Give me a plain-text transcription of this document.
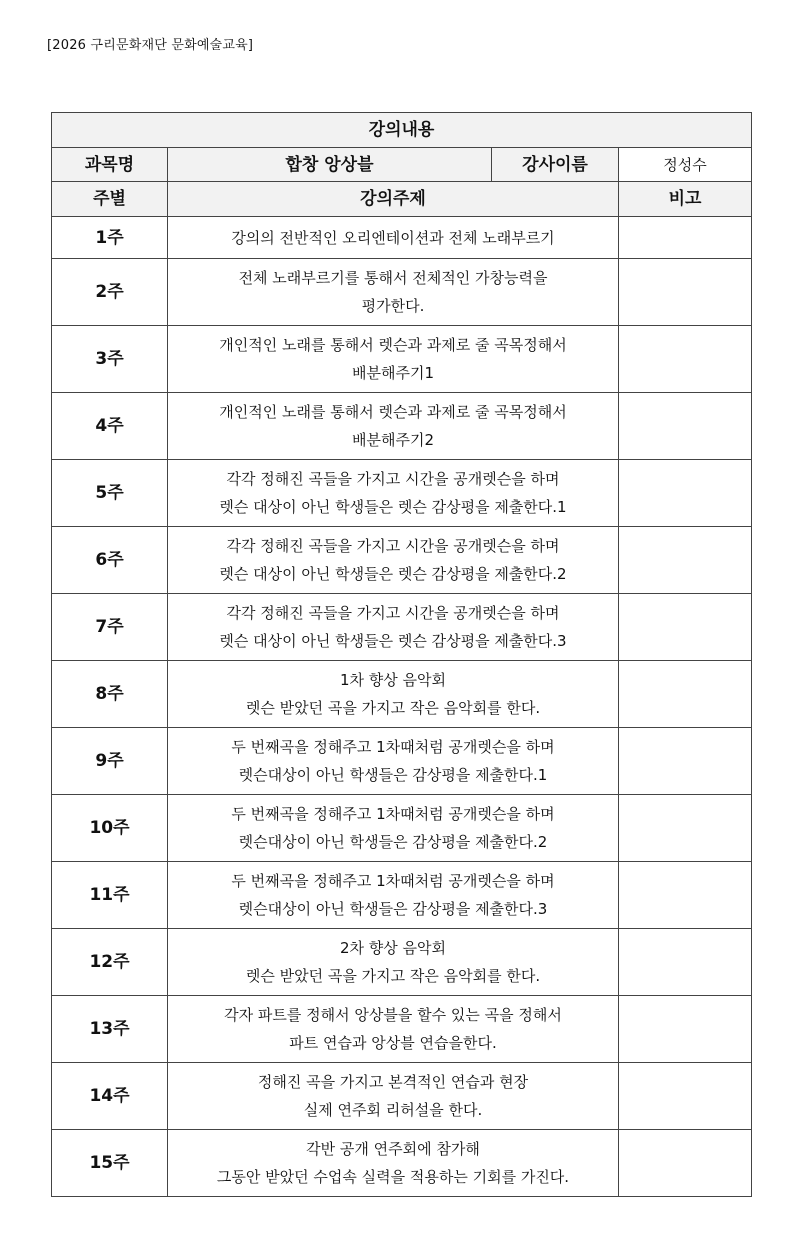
[2026 구리문화재단 문화예술교육]
강의내용			
과목명	합창 앙상블	강사이름	정성수
주별	강의주제		비고
1주	강의의 전반적인 오리엔테이션과 전체 노래부르기		

2주	전체 노래부르기를 통해서 전체적인 가창능력을
평가한다.		

3주	개인적인 노래를 통해서 렛슨과 과제로 줄 곡목정해서
배분해주기1		

4주	개인적인 노래를 통해서 렛슨과 과제로 줄 곡목정해서
배분해주기2		

5주	각각 정해진 곡들을 가지고 시간을 공개렛슨을 하며
렛슨 대상이 아닌 학생들은 렛슨 감상평을 제출한다.1		

6주	각각 정해진 곡들을 가지고 시간을 공개렛슨을 하며
렛슨 대상이 아닌 학생들은 렛슨 감상평을 제출한다.2		

7주	각각 정해진 곡들을 가지고 시간을 공개렛슨을 하며
렛슨 대상이 아닌 학생들은 렛슨 감상평을 제출한다.3		

8주	1차 향상 음악회
렛슨 받았던 곡을 가지고 작은 음악회를 한다.		

9주	두 번째곡을 정해주고 1차때처럼 공개렛슨을 하며
렛슨대상이 아닌 학생들은 감상평을 제출한다.1		

10주	두 번째곡을 정해주고 1차때처럼 공개렛슨을 하며
렛슨대상이 아닌 학생들은 감상평을 제출한다.2		

11주	두 번째곡을 정해주고 1차때처럼 공개렛슨을 하며
렛슨대상이 아닌 학생들은 감상평을 제출한다.3		

12주	2차 향상 음악회
렛슨 받았던 곡을 가지고 작은 음악회를 한다.		

13주	각자 파트를 정해서 앙상블을 할수 있는 곡을 정해서
파트 연습과 앙상블 연습을한다.		

14주	정해진 곡을 가지고 본격적인 연습과 현장
실제 연주회 리허설을 한다.		

15주	각반 공개 연주회에 참가해
그동안 받았던 수업속 실력을 적용하는 기회를 가진다.		
